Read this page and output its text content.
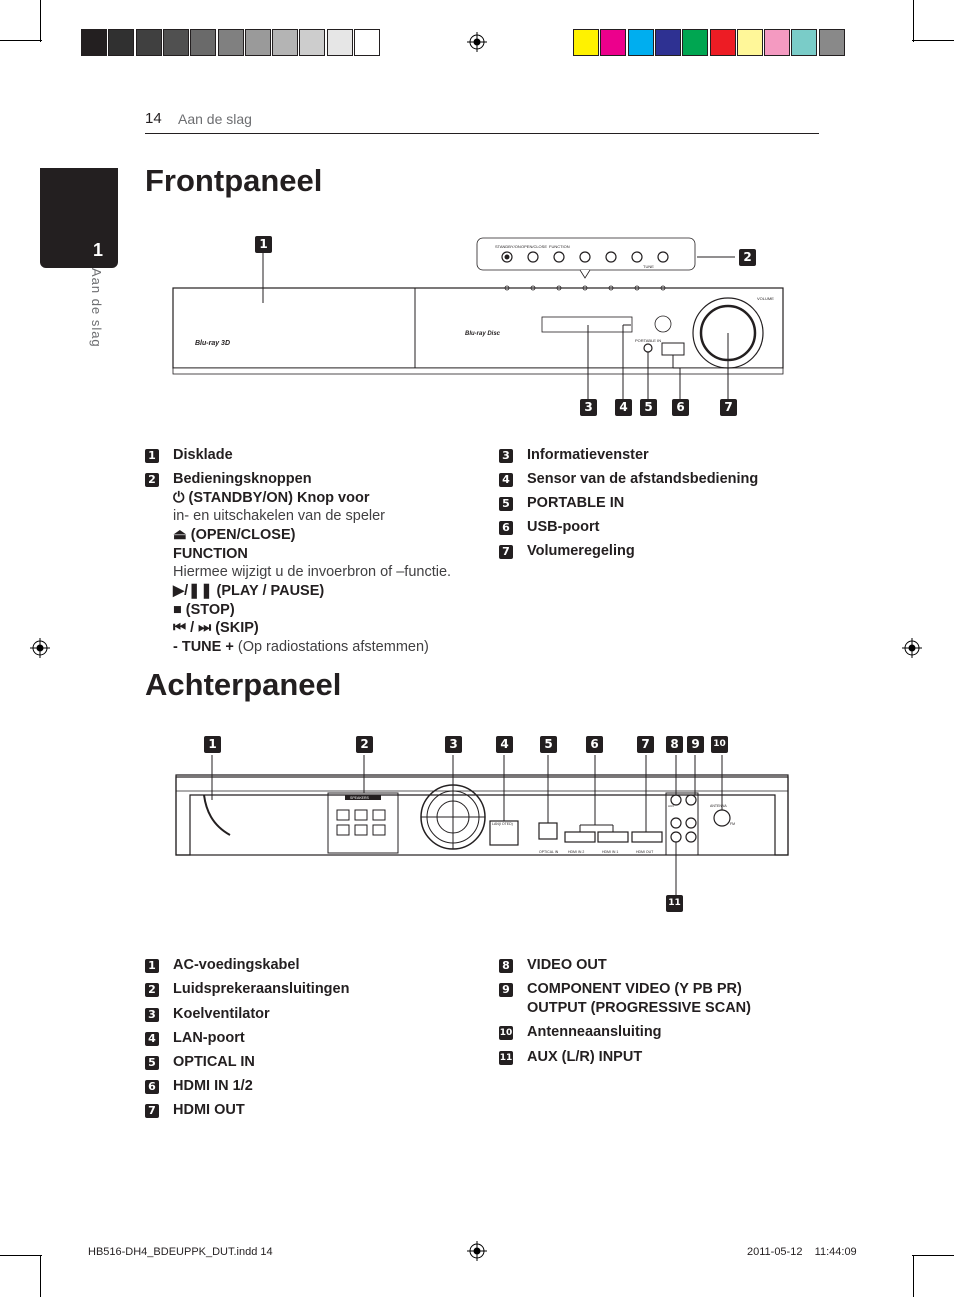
14 Aan de slag
1
Aan de slag
Frontpaneel
STANDBY/ON OPEN/CLOSE FUNCTION
TUNE
Blu-ray 3D
Blu-ray Disc
PORTABLE IN
VOLUME
1
2
3	4	5	6	7
1 Disklade
2 Bedieningsknoppen
⏻ (STANDBY/ON) Knop voor
in- en uitschakelen van de speler
⏏ (OPEN/CLOSE)
FUNCTION
Hiermee wijzigt u de invoerbron of –functie.
▶/❚❚ (PLAY / PAUSE)
■ (STOP)
⏮ / ⏭ (SKIP)
- TUNE + (Op radiostations afstemmen)
3 Informatievenster
4 Sensor van de afstandsbediening
5 PORTABLE IN
6 USB-poort
7 Volumeregeling
Achterpaneel
SPEAKERS
LAN(I OTED)
OPTICAL IN	HDMI IN 2	HDMI IN 1	HDMI OUT
AUX	ANTENNA
FM
1	2	3	4	5	6	7	8	9	10
11
1 AC-voedingskabel
2 Luidsprekeraansluitingen
3 Koelventilator
4 LAN-poort
5 OPTICAL IN
6 HDMI IN 1/2
7 HDMI OUT
8 VIDEO OUT
9 COMPONENT VIDEO (Y PB PR)
OUTPUT (PROGRESSIVE SCAN)
10 Antenneaansluiting
11 AUX (L/R) INPUT
HB516-DH4_BDEUPPK_DUT.indd 14	2011-05-12    11:44:09
